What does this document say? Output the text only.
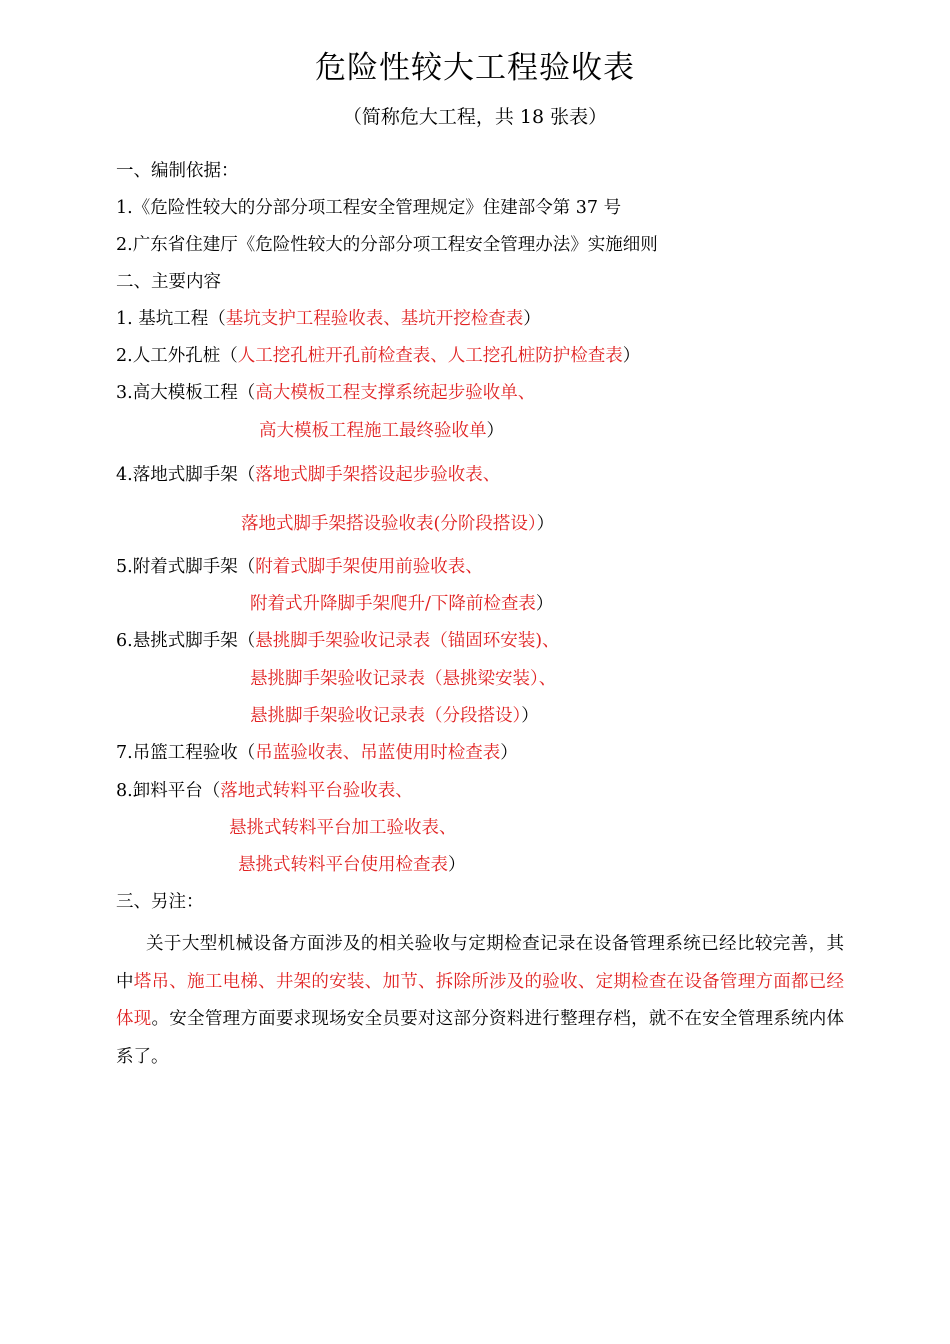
危险性较大工程验收表
（简称危大工程，共 18 张表）
一、编制依据：
1.《危险性较大的分部分项工程安全管理规定》住建部令第 37 号
2.广东省住建厅《危险性较大的分部分项工程安全管理办法》实施细则
二、主要内容
1. 基坑工程（基坑支护工程验收表、基坑开挖检查表）
2.人工外孔桩（人工挖孔桩开孔前检查表、人工挖孔桩防护检查表）
3.高大模板工程（高大模板工程支撑系统起步验收单、
高大模板工程施工最终验收单）
4.落地式脚手架（落地式脚手架搭设起步验收表、
落地式脚手架搭设验收表(分阶段搭设））
5.附着式脚手架（附着式脚手架使用前验收表、
附着式升降脚手架爬升/下降前检查表）
6.悬挑式脚手架（悬挑脚手架验收记录表（锚固环安装)、
悬挑脚手架验收记录表（悬挑梁安装）、
悬挑脚手架验收记录表（分段搭设））
7.吊篮工程验收（吊蓝验收表、吊蓝使用时检查表）
8.卸料平台（落地式转料平台验收表、
悬挑式转料平台加工验收表、
悬挑式转料平台使用检查表）
三、另注：
关于大型机械设备方面涉及的相关验收与定期检查记录在设备管理系统已经比较完善，其中塔吊、施工电梯、井架的安装、加节、拆除所涉及的验收、定期检查在设备管理方面都已经体现。安全管理方面要求现场安全员要对这部分资料进行整理存档，就不在安全管理系统内体系了。
